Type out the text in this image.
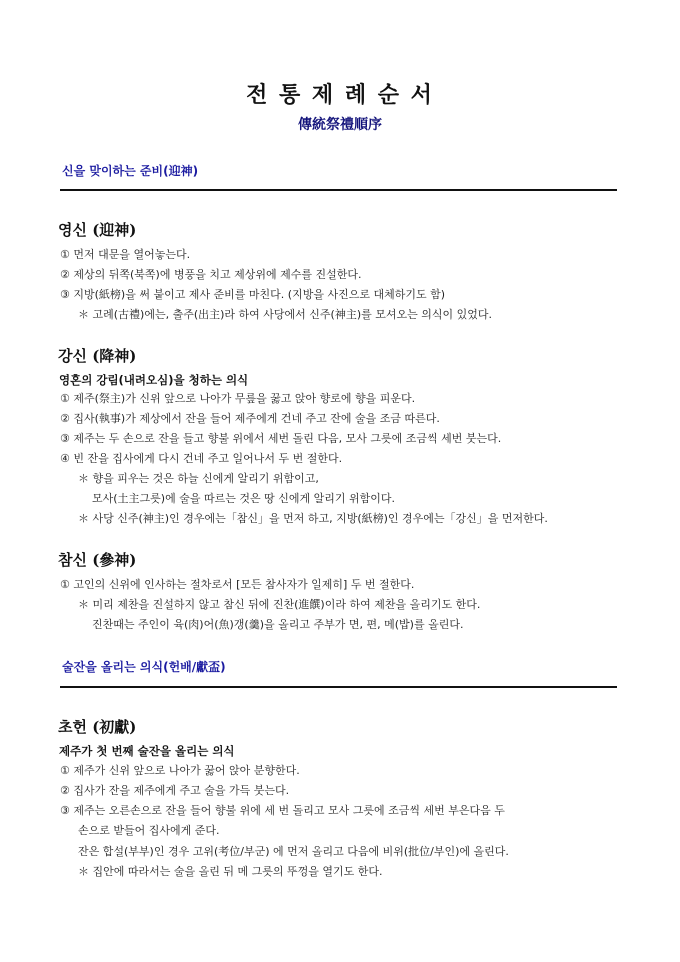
전 통 제 례 순 서
傳統祭禮順序
신을 맞이하는 준비(迎神)
영신 (迎神)
① 먼저 대문을 열어놓는다.
② 제상의 뒤쪽(북쪽)에 병풍을 치고 제상위에 제수를 진설한다.
③ 지방(紙榜)을 써 붙이고 제사 준비를 마친다. (지방을 사진으로 대체하기도 함)
＊ 고례(古禮)에는, 출주(出主)라 하여 사당에서 신주(神主)를 모셔오는 의식이 있었다.
강신 (降神)
영혼의 강림(내려오심)을 청하는 의식
① 제주(祭主)가 신위 앞으로 나아가 무릎을 꿇고 앉아 향로에 향을 피운다.
② 집사(執事)가 제상에서 잔을 들어 제주에게 건네 주고 잔에 술을 조금 따른다.
③ 제주는 두 손으로 잔을 들고 향불 위에서 세번 돌린 다음, 모사 그릇에 조금씩 세번 붓는다.
④ 빈 잔을 집사에게 다시 건네 주고 일어나서 두 번 절한다.
＊ 향을 피우는 것은 하늘 신에게 알리기 위함이고,
모사(土主그릇)에 술을 따르는 것은 땅 신에게 알리기 위함이다.
＊ 사당 신주(神主)인 경우에는「참신」을 먼저 하고, 지방(紙榜)인 경우에는「강신」을 먼저한다.
참신 (參神)
① 고인의 신위에 인사하는 절차로서 [모든 참사자가 일제히] 두 번 절한다.
＊ 미리 제찬을 진설하지 않고 참신 뒤에 진찬(進饌)이라 하여 제찬을 올리기도 한다.
진찬때는 주인이 육(肉)어(魚)갱(羹)을 올리고 주부가 면, 편, 메(밥)를 올린다.
술잔을 올리는 의식(헌배/獻盃)
초헌 (初獻)
제주가 첫 번째 술잔을 올리는 의식
① 제주가 신위 앞으로 나아가 꿇어 앉아 분향한다.
② 집사가 잔을 제주에게 주고 술을 가득 붓는다.
③ 제주는 오른손으로 잔을 들어 향불 위에 세 번 돌리고 모사 그릇에 조금씩 세번 부은다음 두
손으로 받들어 집사에게 준다.
잔은 합설(부부)인 경우 고위(考位/부군) 에 먼저 올리고 다음에 비위(批位/부인)에 올린다.
＊ 집안에 따라서는 술을 올린 뒤 메 그릇의 뚜껑을 열기도 한다.
